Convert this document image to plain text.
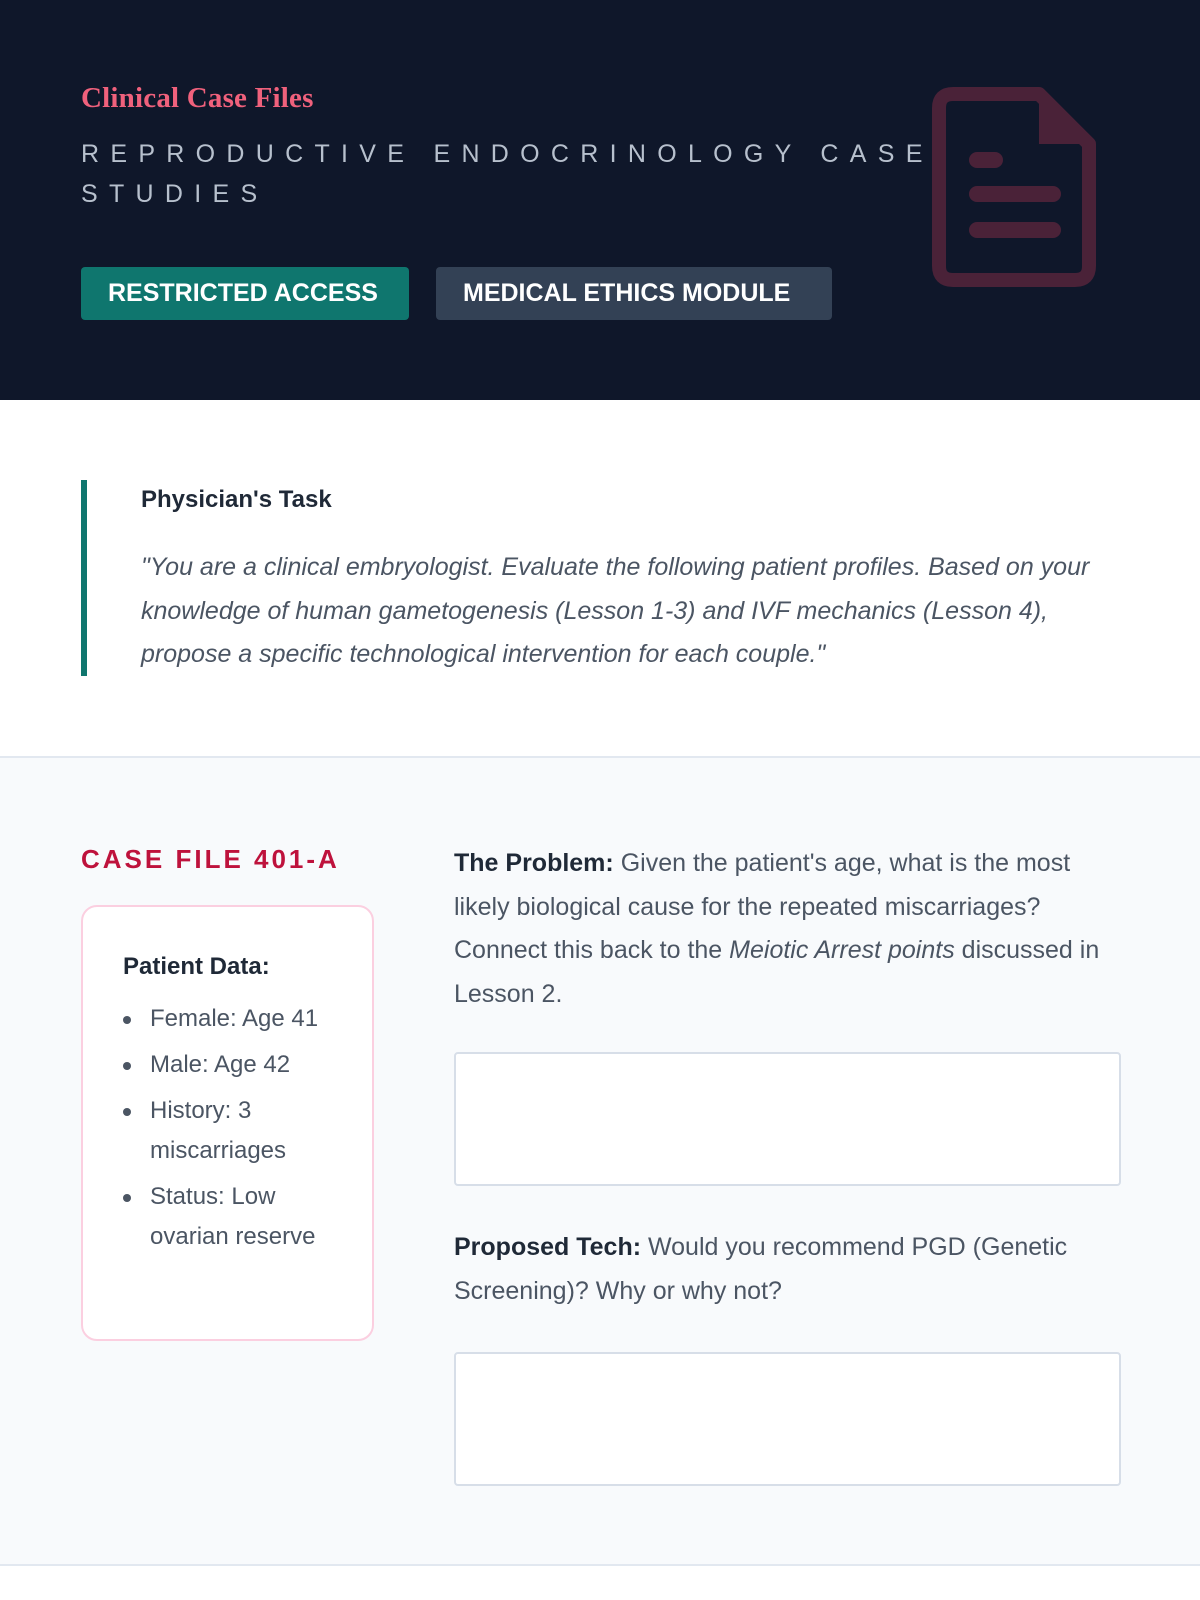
Clinical Case Files
REPRODUCTIVE ENDOCRINOLOGY CASE STUDIES
RESTRICTED ACCESS	MEDICAL ETHICS MODULE
Physician's Task
"You are a clinical embryologist. Evaluate the following patient profiles. Based on your knowledge of human gametogenesis (Lesson 1-3) and IVF mechanics (Lesson 4), propose a specific technological intervention for each couple."
CASE FILE 401-A
Patient Data:
Female: Age 41
Male: Age 42
History: 3 miscarriages
Status: Low ovarian reserve
The Problem: Given the patient's age, what is the most likely biological cause for the repeated miscarriages? Connect this back to the Meiotic Arrest points discussed in Lesson 2.
Proposed Tech: Would you recommend PGD (Genetic Screening)? Why or why not?
